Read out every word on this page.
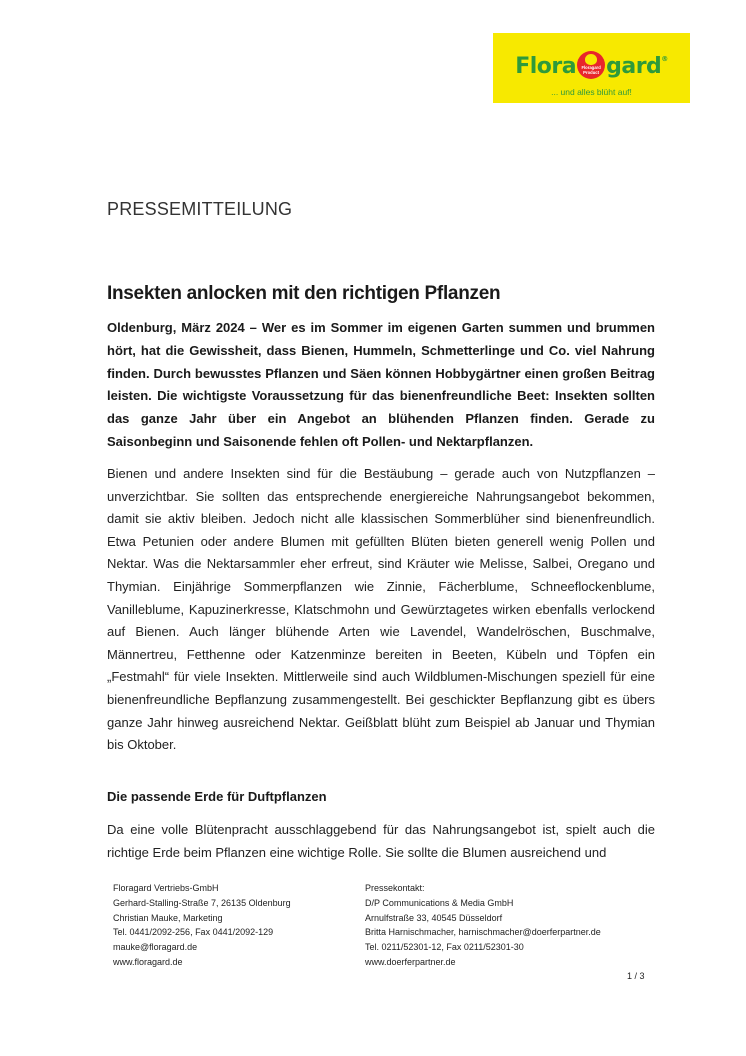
Flora	Floragard
Product gard®
... und alles blüht auf!
PRESSEMITTEILUNG
Insekten anlocken mit den richtigen Pflanzen

Oldenburg, März 2024 – Wer es im Sommer im eigenen Garten summen und brummen hört, hat die Gewissheit, dass Bienen, Hummeln, Schmetterlinge und Co. viel Nahrung finden. Durch bewusstes Pflanzen und Säen können Hobbygärtner einen großen Beitrag leisten. Die wichtigste Voraussetzung für das bienenfreundliche Beet: Insekten sollten das ganze Jahr über ein Angebot an blühenden Pflanzen finden. Gerade zu Saisonbeginn und Saisonende fehlen oft Pollen- und Nektarpflanzen.

Bienen und andere Insekten sind für die Bestäubung – gerade auch von Nutzpflanzen – unverzichtbar. Sie sollten das entsprechende energiereiche Nahrungsangebot bekommen, damit sie aktiv bleiben. Jedoch nicht alle klassischen Sommerblüher sind bienenfreundlich. Etwa Petunien oder andere Blumen mit gefüllten Blüten bieten generell wenig Pollen und Nektar. Was die Nektarsammler eher erfreut, sind Kräuter wie Melisse, Salbei, Oregano und Thymian. Einjährige Sommerpflanzen wie Zinnie, Fächerblume, Schneeflockenblume, Vanilleblume, Kapuzinerkresse, Klatschmohn und Gewürztagetes wirken ebenfalls verlockend auf Bienen. Auch länger blühende Arten wie Lavendel, Wandelröschen, Buschmalve, Männertreu, Fetthenne oder Katzenminze bereiten in Beeten, Kübeln und Töpfen ein „Festmahl“ für viele Insekten. Mittlerweile sind auch Wildblumen-Mischungen speziell für eine bienenfreundliche Bepflanzung zusammengestellt. Bei geschickter Bepflanzung gibt es übers ganze Jahr hinweg ausreichend Nektar. Geißblatt blüht zum Beispiel ab Januar und Thymian bis Oktober.

Die passende Erde für Duftpflanzen

Da eine volle Blütenpracht ausschlaggebend für das Nahrungsangebot ist, spielt auch die richtige Erde beim Pflanzen eine wichtige Rolle. Sie sollte die Blumen ausreichend und

Floragard Vertriebs-GmbH
Gerhard-Stalling-Straße 7, 26135 Oldenburg
Christian Mauke, Marketing
Tel. 0441/2092-256, Fax 0441/2092-129
mauke@floragard.de
www.floragard.de
Pressekontakt:
D/P Communications & Media GmbH
Arnulfstraße 33, 40545 Düsseldorf
Britta Harnischmacher, harnischmacher@doerferpartner.de
Tel. 0211/52301-12, Fax 0211/52301-30
www.doerferpartner.de
1 / 3
